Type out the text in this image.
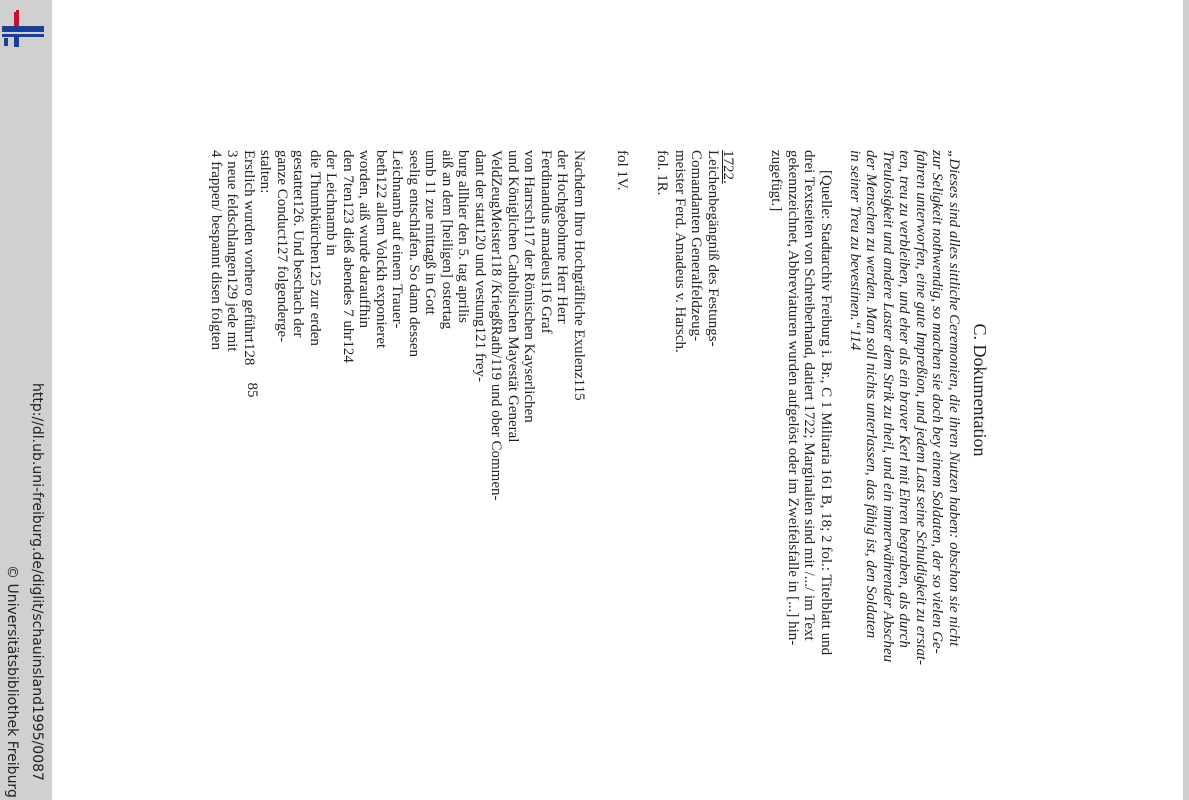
http://dl.ub.uni-freiburg.de/diglit/schauinsland1995/0087
© Universitätsbibliothek Freiburg
C. Dokumentation

„Dieses sind alles sittliche Ceremonien, die ihren Nutzen haben: obschon sie nicht

zur Seligkeit nothwendig, so machen sie doch bey einem Soldaten, der so vielen Ge-

fahren unterworfen, eine gute Impreßion, und jedem Last seine Schuldigkeit zu erstat-

ten, treu zu verbleiben, und eher als ein braver Kerl mit Ehren begraben, als durch

Treulosigkeit und andere Laster dem Strik zu theil, und ein immerwährender Abscheu

der Menschen zu werden. Man soll nichts unterlassen, das fähig ist, den Soldaten

in seiner Treu zu bevestinen.“114

[Quelle: Stadtarchiv Freiburg i. Br., C 1 Militaria 161 B, 18; 2 fol.: Titelblatt und

drei Textseiten von Schreiberhand, datiert 1722; Marginalien sind mit /.../ im Text

gekennzeichnet, Abbreviaturen wurden aufgelöst oder im Zweifelsfalle in [...] hin-

zugefügt.]

1722.

Leichenbegängniß des Festungs-

Comandanten Generalfeldzeug-

meister Ferd. Amadeus v. Harsch.

fol. 1R.

fol 1V.

Nachdem Ihro Hochgräfliche Exulenz115

der Hochgebohrne Herr Herr

Ferdinandus amadeus116 Graf

von Harrsch117 der Römischen Kayserlichen

und Königlichen Catholischen Mayestät General

VeldZeugMeister118 /KriegßRath/119 und ober Commen-

dant der statt120 und vestung121 frey-

burg allhier den 5. tag aprilis

aiß an dem [heiligen] ostertag

umb 11 zue mittagß in Gott

seelig entschlafen. So dann dessen

Leichnamb auf einem Trauer-

beth122 allem Volckh exponieret

worden, aiß wurde darauffhin

den 7ten123 dieß abendes 7 uhr124

der Leichnamb in

die Thumbkürchen125 zur erden

gestattet126. Und beschach der

ganze Conduct127 folgenderge-

stalten:

Erstlich wurden vorhero geführt128

3 neue feldschlangen129 jede mit

4 frappen/ bespannt disen folgten

85
